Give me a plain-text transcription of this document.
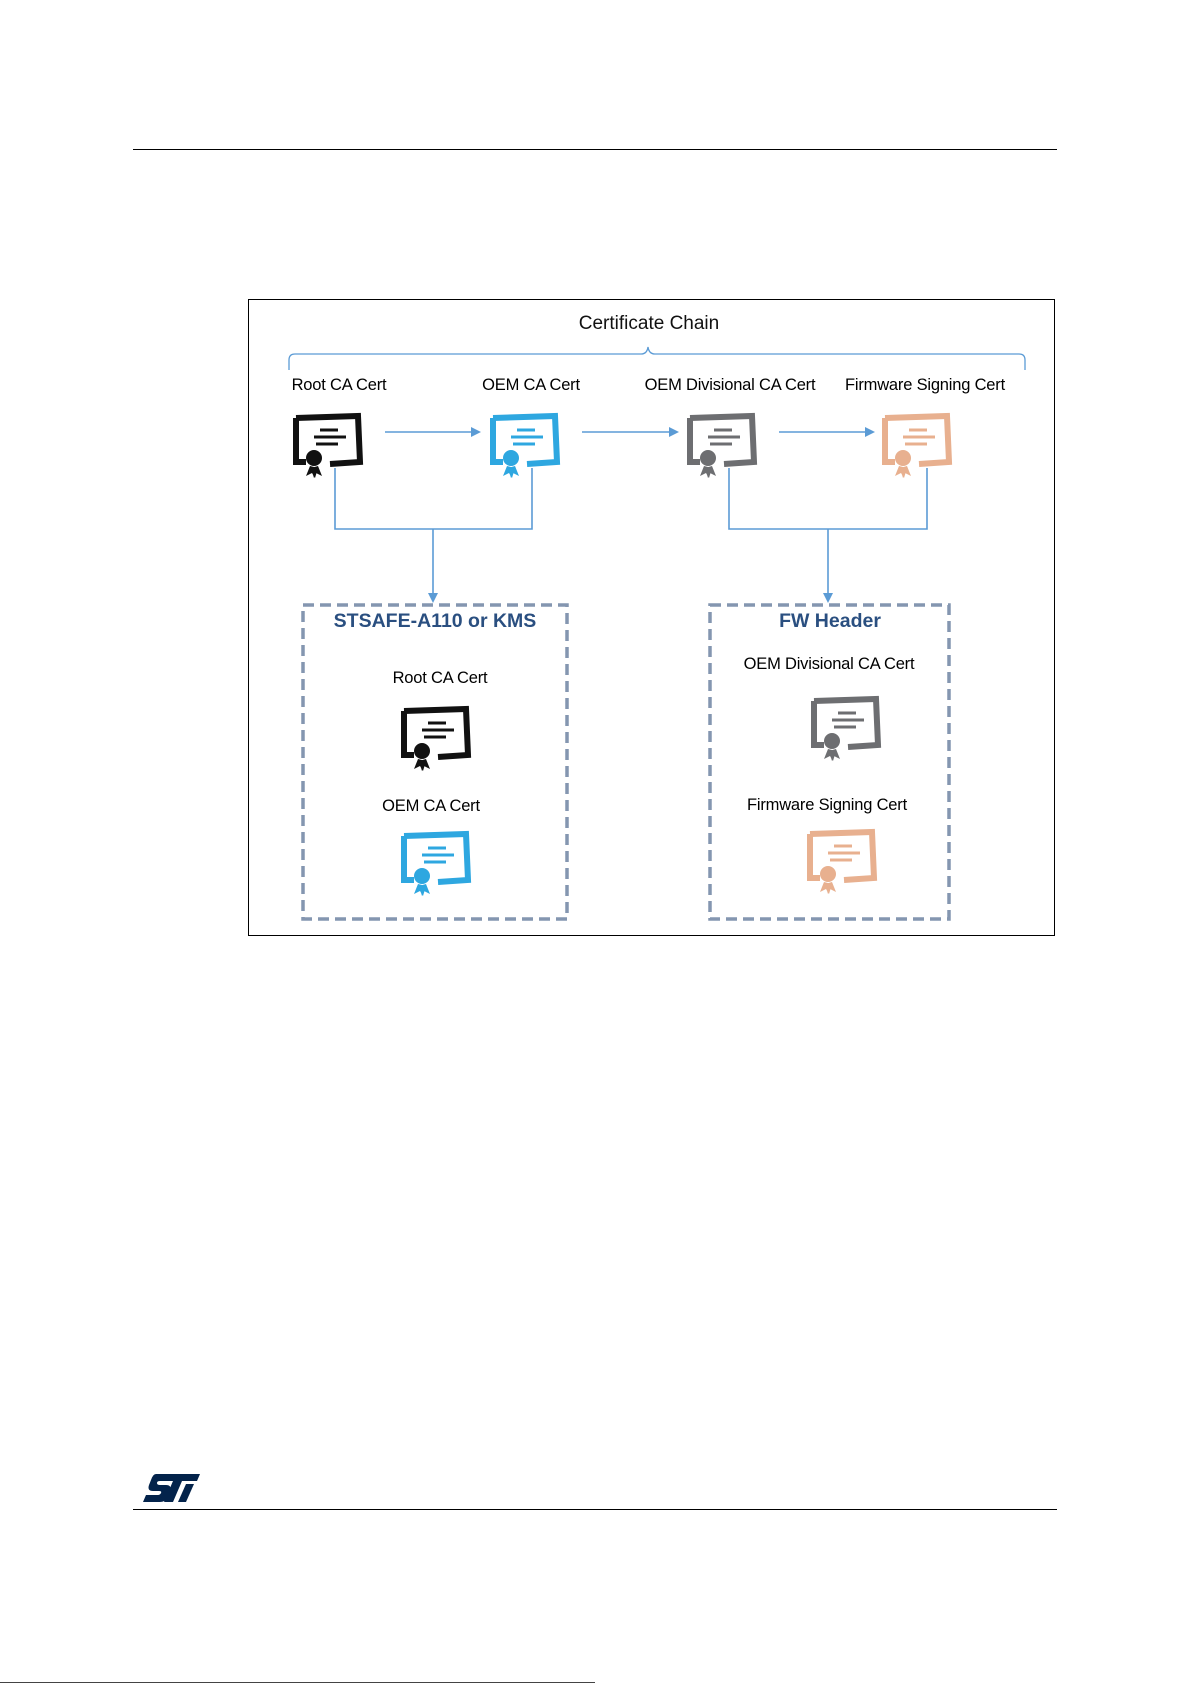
Certificate Chain
Root CA Cert	OEM CA Cert	OEM Divisional CA Cert Firmware Signing Cert
STSAFE-A110 or KMS
Root CA Cert
OEM CA Cert
FW Header
OEM Divisional CA Cert
Firmware Signing Cert
